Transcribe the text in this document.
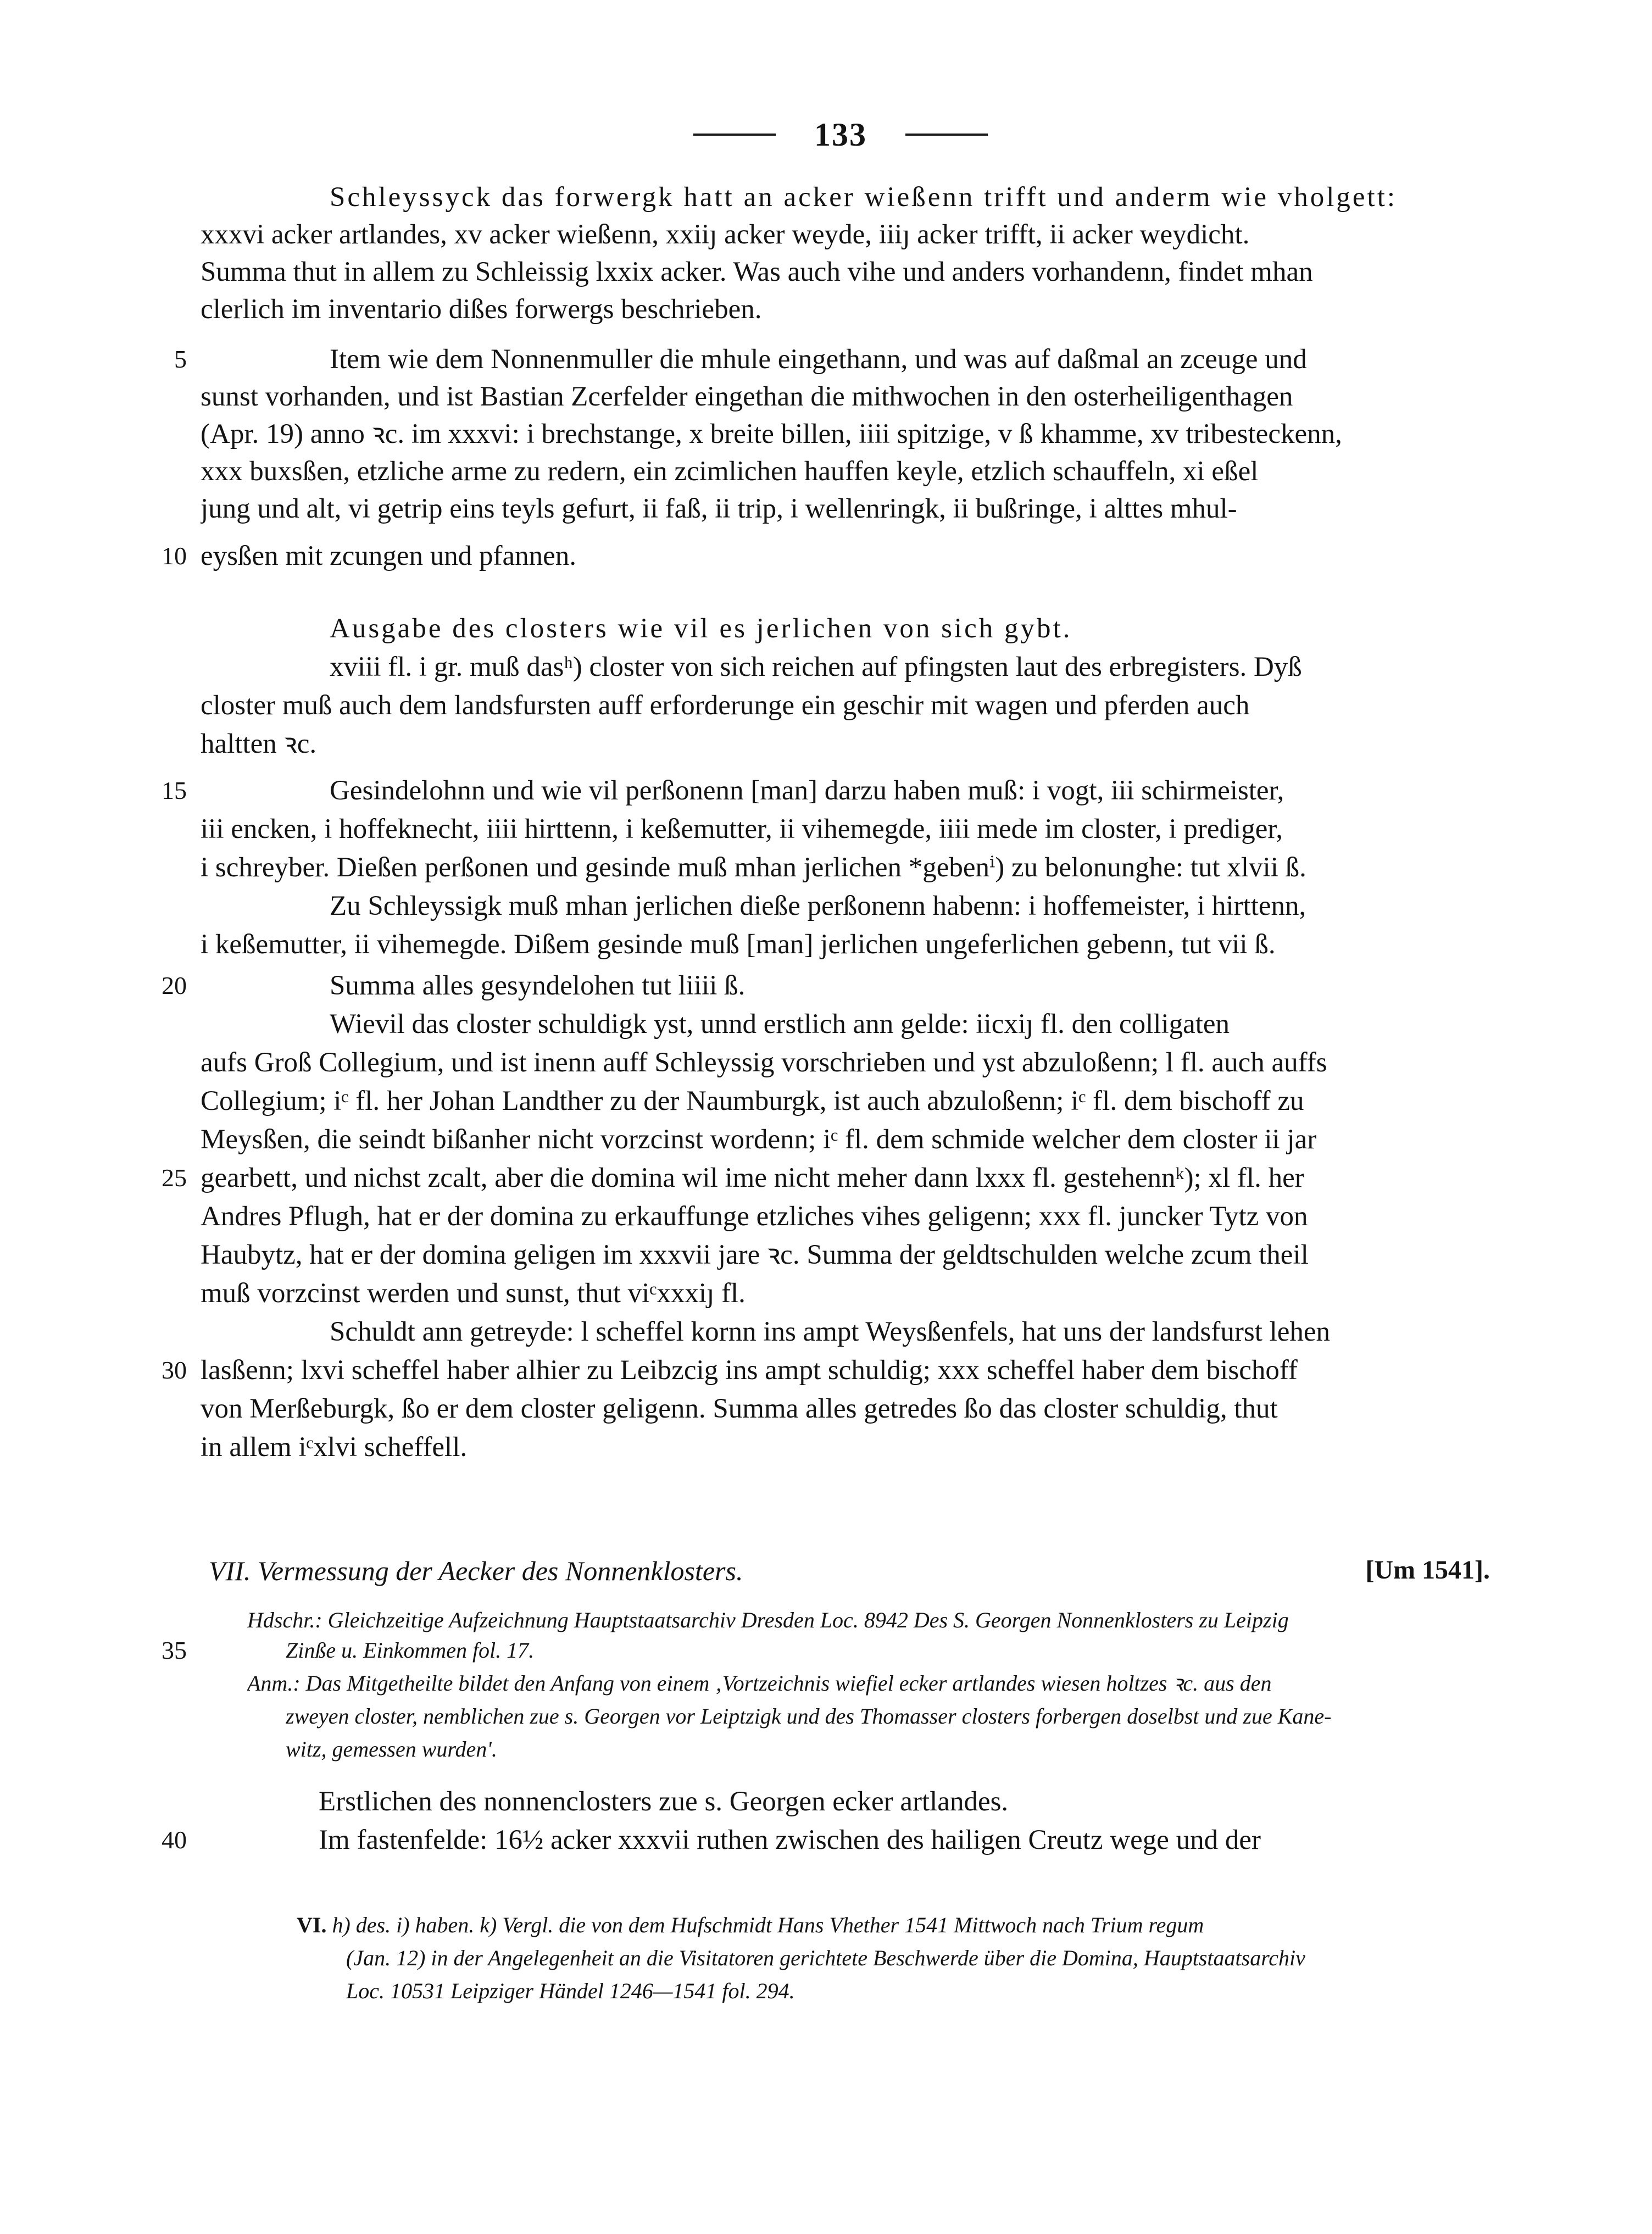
133
Schleyssyck das forwergk hatt an acker wießenn trifft und anderm wie vholgett:
xxxvi acker artlandes, xv acker wießenn, xxiiȷ acker weyde, iiiȷ acker trifft, ii acker weydicht.
Summa thut in allem zu Schleissig lxxix acker. Was auch vihe und anders vorhandenn, findet mhan
clerlich im inventario dißes forwergs beschrieben.
5	Item wie dem Nonnenmuller die mhule eingethann, und was auf daßmal an zceuge und
sunst vorhanden, und ist Bastian Zcerfelder eingethan die mithwochen in den osterheiligenthagen
(Apr. 19) anno ꝛc. im xxxvi: i brechstange, x breite billen, iiii spitzige, v ß khamme, xv tribesteckenn,
xxx buxsßen, etzliche arme zu redern, ein zcimlichen hauffen keyle, etzlich schauffeln, xi eßel
jung und alt, vi getrip eins teyls gefurt, ii faß, ii trip, i wellenringk, ii bußringe, i alttes mhul-
10 eysßen mit zcungen und pfannen.
Ausgabe des closters wie vil es jerlichen von sich gybt.
xviii fl. i gr. muß dasʰ) closter von sich reichen auf pfingsten laut des erbregisters. Dyß
closter muß auch dem landsfursten auff erforderunge ein geschir mit wagen und pferden auch
haltten ꝛc.
15	Gesindelohnn und wie vil perßonenn [man] darzu haben muß: i vogt, iii schirmeister,
iii encken, i hoffeknecht, iiii hirttenn, i keßemutter, ii vihemegde, iiii mede im closter, i prediger,
i schreyber. Dießen perßonen und gesinde muß mhan jerlichen *gebenⁱ) zu belonunghe: tut xlvii ß.
Zu Schleyssigk muß mhan jerlichen dieße perßonenn habenn: i hoffemeister, i hirttenn,
i keßemutter, ii vihemegde. Dißem gesinde muß [man] jerlichen ungeferlichen gebenn, tut vii ß.
20	Summa alles gesyndelohen tut liiii ß.
Wievil das closter schuldigk yst, unnd erstlich ann gelde: iicxiȷ fl. den colligaten
aufs Groß Collegium, und ist inenn auff Schleyssig vorschrieben und yst abzuloßenn; l fl. auch auffs
Collegium; iᶜ fl. her Johan Landther zu der Naumburgk, ist auch abzuloßenn; iᶜ fl. dem bischoff zu
Meysßen, die seindt bißanher nicht vorzcinst wordenn; iᶜ fl. dem schmide welcher dem closter ii jar
25 gearbett, und nichst zcalt, aber die domina wil ime nicht meher dann lxxx fl. gestehennᵏ); xl fl. her
Andres Pflugh, hat er der domina zu erkauffunge etzliches vihes geligenn; xxx fl. juncker Tytz von
Haubytz, hat er der domina geligen im xxxvii jare ꝛc. Summa der geldtschulden welche zcum theil
muß vorzcinst werden und sunst, thut viᶜxxxiȷ fl.
Schuldt ann getreyde: l scheffel kornn ins ampt Weysßenfels, hat uns der landsfurst lehen
30 lasßenn; lxvi scheffel haber alhier zu Leibzcig ins ampt schuldig; xxx scheffel haber dem bischoff
von Merßeburgk, ßo er dem closter geligenn. Summa alles getredes ßo das closter schuldig, thut
in allem iᶜxlvi scheffell.
VII. Vermessung der Aecker des Nonnenklosters.	[Um 1541].
Hdschr.: Gleichzeitige Aufzeichnung Hauptstaatsarchiv Dresden Loc. 8942 Des S. Georgen Nonnenklosters zu Leipzig
35	Zinße u. Einkommen fol. 17.
Anm.: Das Mitgetheilte bildet den Anfang von einem ‚Vortzeichnis wiefiel ecker artlandes wiesen holtzes ꝛc. aus den
zweyen closter, nemblichen zue s. Georgen vor Leiptzigk und des Thomasser closters forbergen doselbst und zue Kane-
witz, gemessen wurden'.
Erstlichen des nonnenclosters zue s. Georgen ecker artlandes.
40	Im fastenfelde: 16½ acker xxxvii ruthen zwischen des hailigen Creutz wege und der
VI. h) des. i) haben. k) Vergl. die von dem Hufschmidt Hans Vhether 1541 Mittwoch nach Trium regum
(Jan. 12) in der Angelegenheit an die Visitatoren gerichtete Beschwerde über die Domina, Hauptstaatsarchiv
Loc. 10531 Leipziger Händel 1246—1541 fol. 294.
